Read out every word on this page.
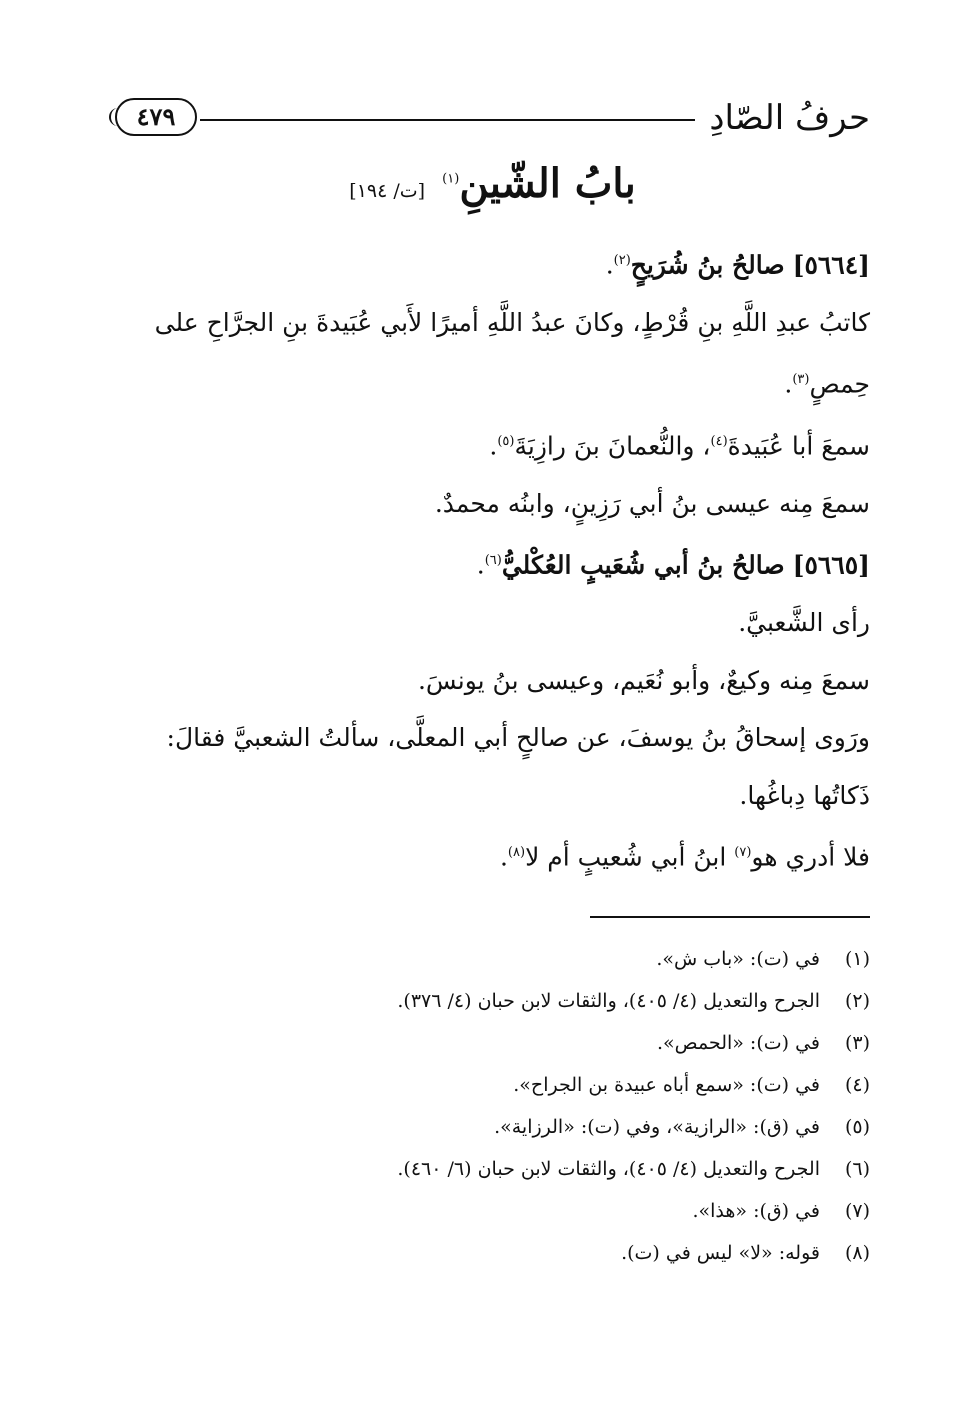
حرفُ الصّادِ
٤٧٩
بابُ الشّينِ$^{(١)}$ [ت/ ١٩٤]

[٥٦٦٤] صالحُ بنُ شُرَيحٍ$^{(٢)}$.

كاتبُ عبدِ اللَّهِ بنِ قُرْطٍ، وكانَ عبدُ اللَّهِ أميرًا لأَبي عُبَيدةَ بنِ الجرَّاحِ على

حِمصٍ$^{(٣)}$.

سمعَ أبا عُبَيدةَ$^{(٤)}$، والنُّعمانَ بنَ رازِيَةَ$^{(٥)}$.

سمعَ مِنه عيسى بنُ أبي رَزِينٍ، وابنُه محمدٌ.

[٥٦٦٥] صالحُ بنُ أبي شُعَيبٍ العُكْليُّ$^{(٦)}$.

رأى الشَّعبيَّ.

سمعَ مِنه وكيعٌ، وأبو نُعَيم، وعيسى بنُ يونسَ.

ورَوى إسحاقُ بنُ يوسفَ، عن صالحٍ أبي المعلَّى، سألتُ الشعبيَّ فقالَ:

ذَكاتُها دِباغُها.

فلا أدري هو$^{(٧)}$ ابنُ أبي شُعيبٍ أم لا$^{(٨)}$.

(١)
في (ت): «باب ش».
(٢)
الجرح والتعديل (٤/ ٤٠٥)، والثقات لابن حبان (٤/ ٣٧٦).
(٣)
في (ت): «الحمص».
(٤)
في (ت): «سمع أباه عبيدة بن الجراح».
(٥)
في (ق): «الرازية»، وفي (ت): «الرزاية».
(٦)
الجرح والتعديل (٤/ ٤٠٥)، والثقات لابن حبان (٦/ ٤٦٠).
(٧)
في (ق): «هذا».
(٨)
قوله: «لا» ليس في (ت).
